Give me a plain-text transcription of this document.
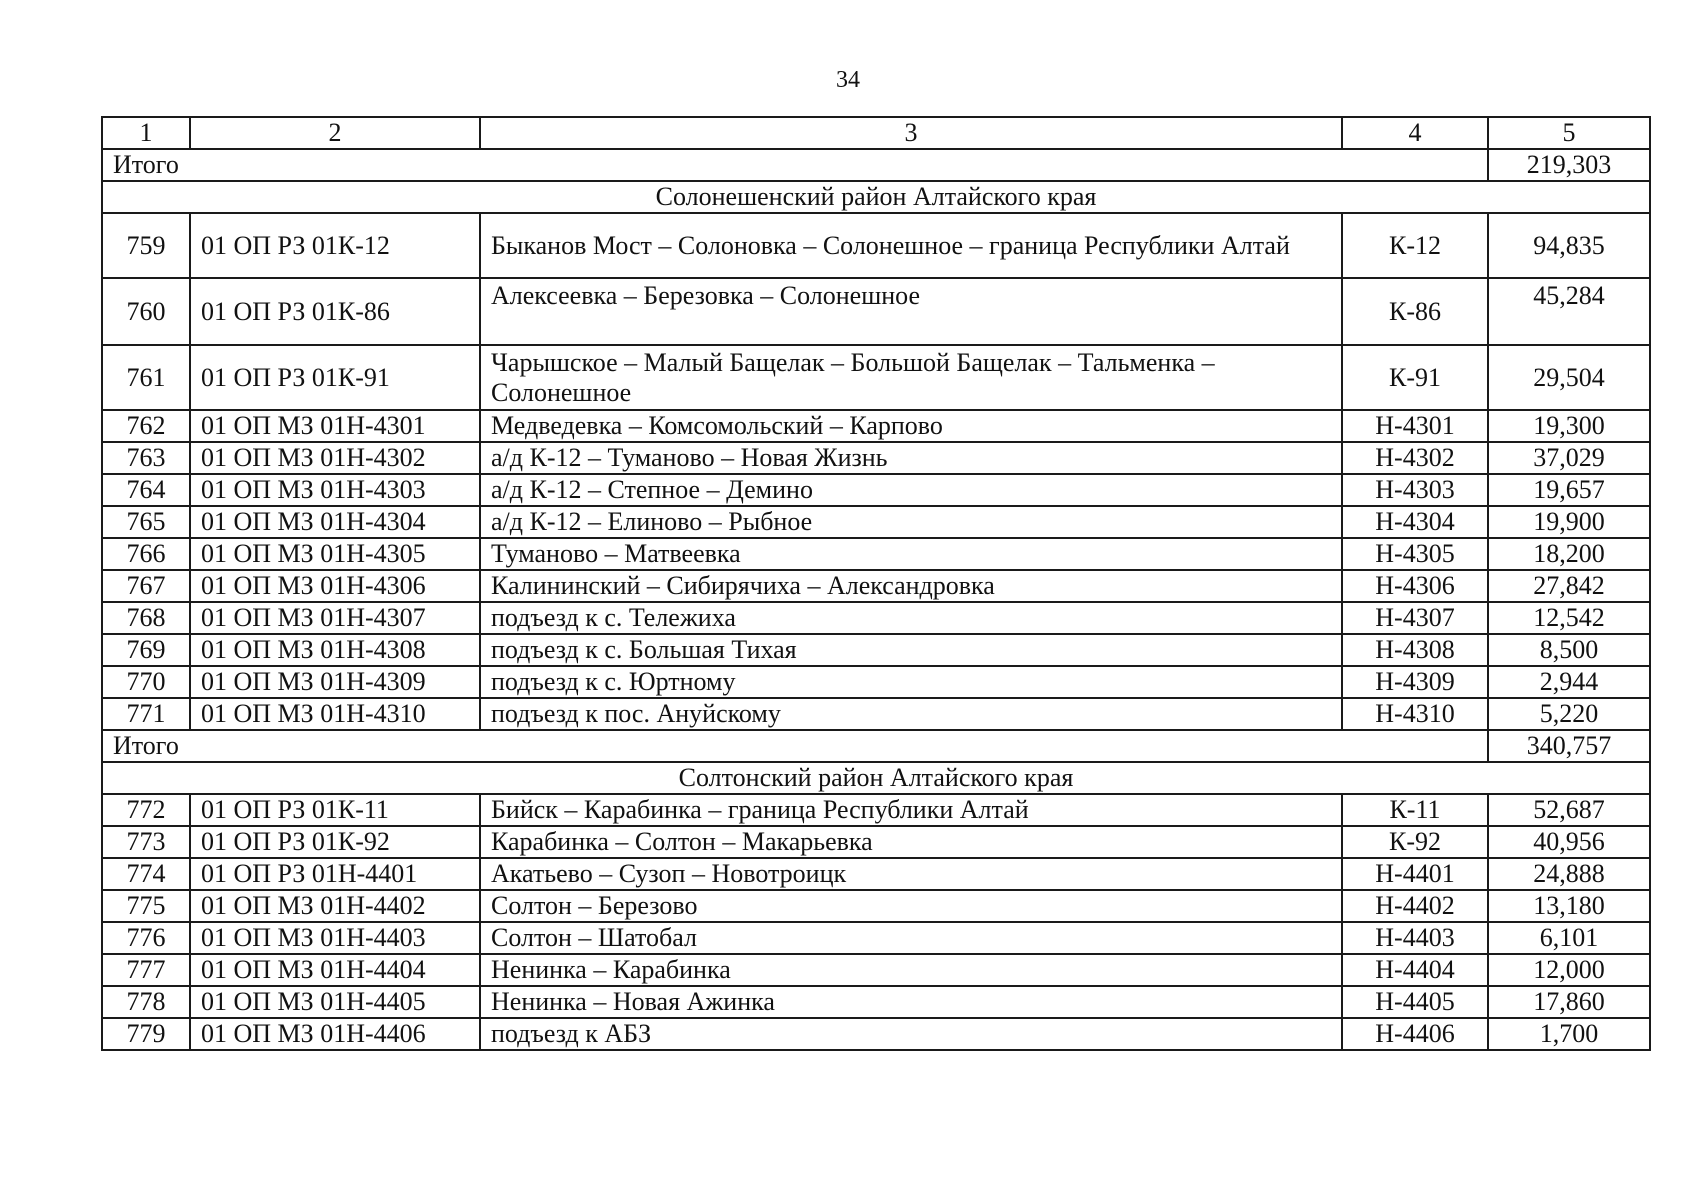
34
1	2	3	4	5
Итого				219,303
Солонешенский район Алтайского края				
759	01 ОП РЗ 01К-12	Быканов Мост – Солоновка – Солонешное – граница Республики Алтай	К-12	94,835
760	01 ОП РЗ 01К-86	Алексеевка – Березовка – Солонешное	К-86	45,284
761	01 ОП РЗ 01К-91	Чарышское – Малый Бащелак – Большой Бащелак – Тальменка – Солонешное	К-91	29,504
762	01 ОП МЗ 01Н-4301	Медведевка – Комсомольский – Карпово	Н-4301	19,300
763	01 ОП МЗ 01Н-4302	а/д К-12 – Туманово – Новая Жизнь	Н-4302	37,029
764	01 ОП МЗ 01Н-4303	а/д К-12 – Степное – Демино	Н-4303	19,657
765	01 ОП МЗ 01Н-4304	а/д К-12 – Елиново – Рыбное	Н-4304	19,900
766	01 ОП МЗ 01Н-4305	Туманово – Матвеевка	Н-4305	18,200
767	01 ОП МЗ 01Н-4306	Калининский – Сибирячиха – Александровка	Н-4306	27,842
768	01 ОП МЗ 01Н-4307	подъезд к с. Тележиха	Н-4307	12,542
769	01 ОП МЗ 01Н-4308	подъезд к с. Большая Тихая	Н-4308	8,500
770	01 ОП МЗ 01Н-4309	подъезд к с. Юртному	Н-4309	2,944
771	01 ОП МЗ 01Н-4310	подъезд к пос. Ануйскому	Н-4310	5,220
Итого				340,757
Солтонский район Алтайского края				
772	01 ОП РЗ 01К-11	Бийск – Карабинка – граница Республики Алтай	К-11	52,687
773	01 ОП РЗ 01К-92	Карабинка – Солтон – Макарьевка	К-92	40,956
774	01 ОП РЗ 01Н-4401	Акатьево – Сузоп – Новотроицк	Н-4401	24,888
775	01 ОП МЗ 01Н-4402	Солтон – Березово	Н-4402	13,180
776	01 ОП МЗ 01Н-4403	Солтон – Шатобал	Н-4403	6,101
777	01 ОП МЗ 01Н-4404	Ненинка – Карабинка	Н-4404	12,000
778	01 ОП МЗ 01Н-4405	Ненинка – Новая Ажинка	Н-4405	17,860
779	01 ОП МЗ 01Н-4406	подъезд к АБЗ	Н-4406	1,700
